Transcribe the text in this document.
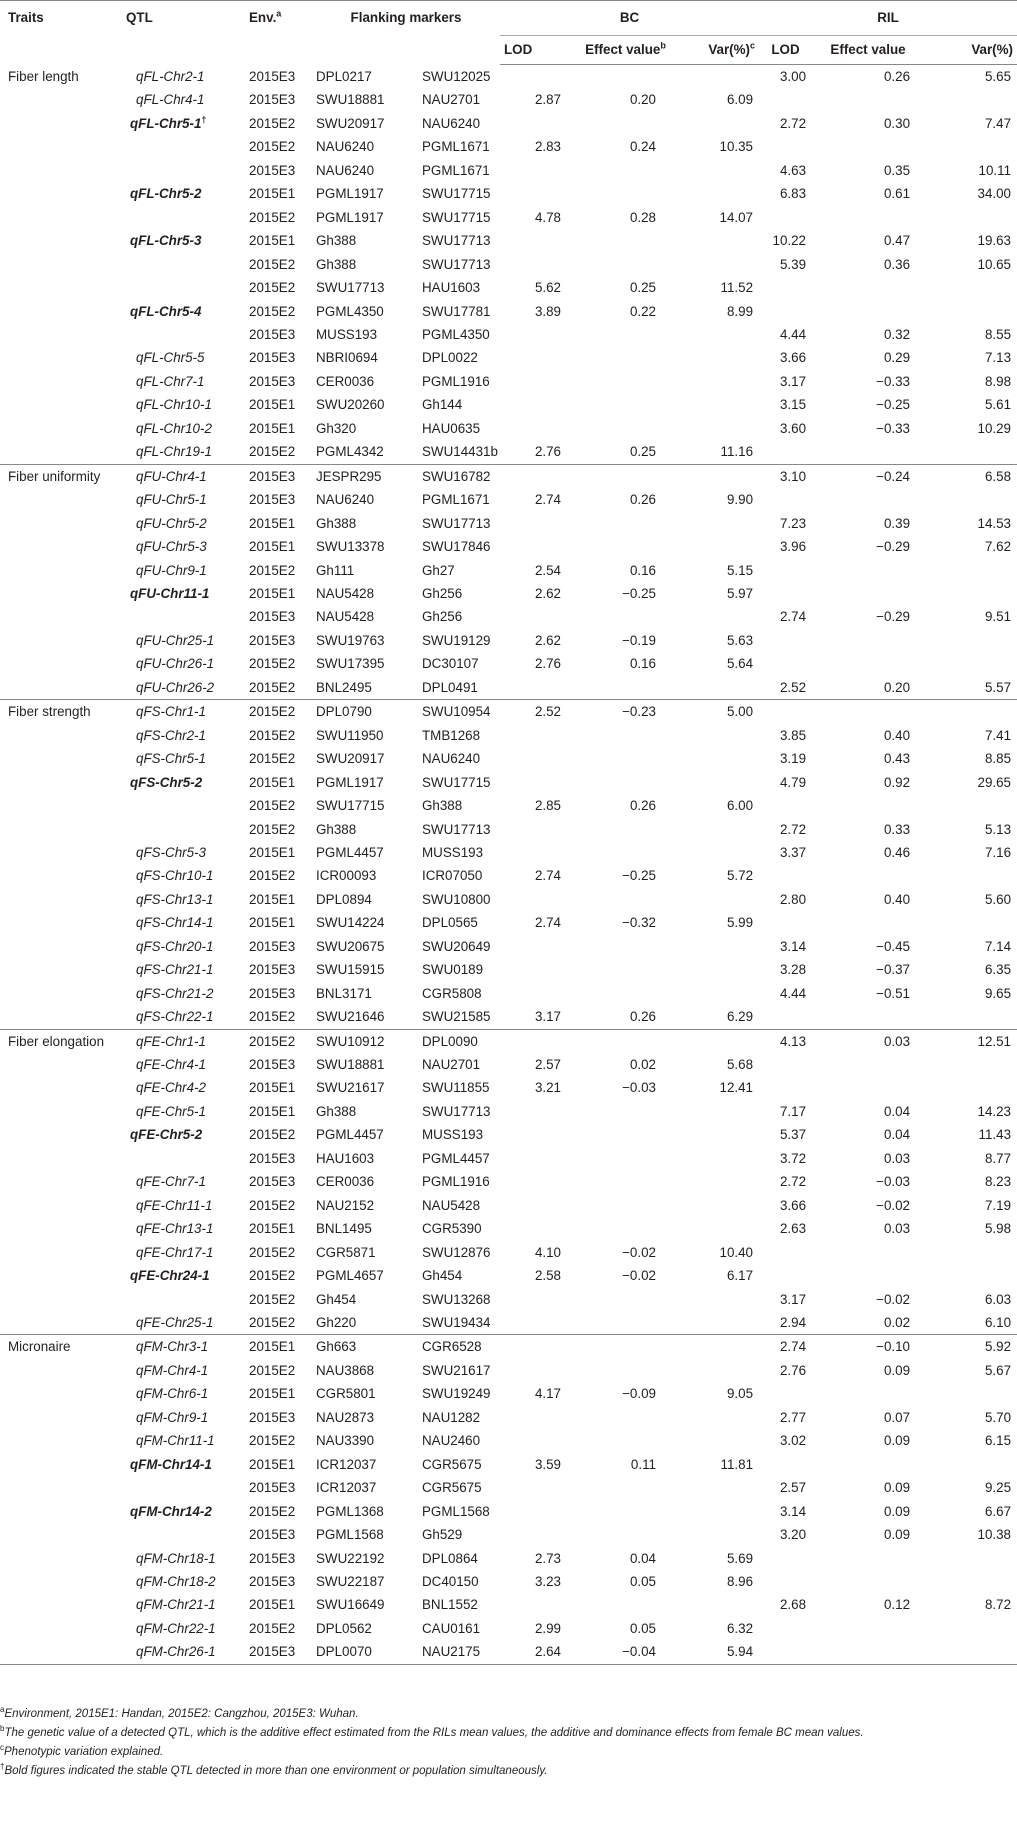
Traits	QTL	Env.$^a$	Flanking markers		BC			RIL		
					LOD	Effect value$^b$	Var(%)$^c$	LOD	Effect value	Var(%)
Fiber length	qFL-Chr2-1	2015E3	DPL0217	SWU12025				3.00	0.26	5.65
	qFL-Chr4-1	2015E3	SWU18881	NAU2701	2.87	0.20	6.09			
	qFL-Chr5-1†	2015E2	SWU20917	NAU6240				2.72	0.30	7.47
		2015E2	NAU6240	PGML1671	2.83	0.24	10.35			
		2015E3	NAU6240	PGML1671				4.63	0.35	10.11
	qFL-Chr5-2	2015E1	PGML1917	SWU17715				6.83	0.61	34.00
		2015E2	PGML1917	SWU17715	4.78	0.28	14.07			
	qFL-Chr5-3	2015E1	Gh388	SWU17713				10.22	0.47	19.63
		2015E2	Gh388	SWU17713				5.39	0.36	10.65
		2015E2	SWU17713	HAU1603	5.62	0.25	11.52			
	qFL-Chr5-4	2015E2	PGML4350	SWU17781	3.89	0.22	8.99			
		2015E3	MUSS193	PGML4350				4.44	0.32	8.55
	qFL-Chr5-5	2015E3	NBRI0694	DPL0022				3.66	0.29	7.13
	qFL-Chr7-1	2015E3	CER0036	PGML1916				3.17	−0.33	8.98
	qFL-Chr10-1	2015E1	SWU20260	Gh144				3.15	−0.25	5.61
	qFL-Chr10-2	2015E1	Gh320	HAU0635				3.60	−0.33	10.29
	qFL-Chr19-1	2015E2	PGML4342	SWU14431b	2.76	0.25	11.16			
Fiber uniformity	qFU-Chr4-1	2015E3	JESPR295	SWU16782				3.10	−0.24	6.58
	qFU-Chr5-1	2015E3	NAU6240	PGML1671	2.74	0.26	9.90			
	qFU-Chr5-2	2015E1	Gh388	SWU17713				7.23	0.39	14.53
	qFU-Chr5-3	2015E1	SWU13378	SWU17846				3.96	−0.29	7.62
	qFU-Chr9-1	2015E2	Gh111	Gh27	2.54	0.16	5.15			
	qFU-Chr11-1	2015E1	NAU5428	Gh256	2.62	−0.25	5.97			
		2015E3	NAU5428	Gh256				2.74	−0.29	9.51
	qFU-Chr25-1	2015E3	SWU19763	SWU19129	2.62	−0.19	5.63			
	qFU-Chr26-1	2015E2	SWU17395	DC30107	2.76	0.16	5.64			
	qFU-Chr26-2	2015E2	BNL2495	DPL0491				2.52	0.20	5.57
Fiber strength	qFS-Chr1-1	2015E2	DPL0790	SWU10954	2.52	−0.23	5.00			
	qFS-Chr2-1	2015E2	SWU11950	TMB1268				3.85	0.40	7.41
	qFS-Chr5-1	2015E2	SWU20917	NAU6240				3.19	0.43	8.85
	qFS-Chr5-2	2015E1	PGML1917	SWU17715				4.79	0.92	29.65
		2015E2	SWU17715	Gh388	2.85	0.26	6.00			
		2015E2	Gh388	SWU17713				2.72	0.33	5.13
	qFS-Chr5-3	2015E1	PGML4457	MUSS193				3.37	0.46	7.16
	qFS-Chr10-1	2015E2	ICR00093	ICR07050	2.74	−0.25	5.72			
	qFS-Chr13-1	2015E1	DPL0894	SWU10800				2.80	0.40	5.60
	qFS-Chr14-1	2015E1	SWU14224	DPL0565	2.74	−0.32	5.99			
	qFS-Chr20-1	2015E3	SWU20675	SWU20649				3.14	−0.45	7.14
	qFS-Chr21-1	2015E3	SWU15915	SWU0189				3.28	−0.37	6.35
	qFS-Chr21-2	2015E3	BNL3171	CGR5808				4.44	−0.51	9.65
	qFS-Chr22-1	2015E2	SWU21646	SWU21585	3.17	0.26	6.29			
Fiber elongation	qFE-Chr1-1	2015E2	SWU10912	DPL0090				4.13	0.03	12.51
	qFE-Chr4-1	2015E3	SWU18881	NAU2701	2.57	0.02	5.68			
	qFE-Chr4-2	2015E1	SWU21617	SWU11855	3.21	−0.03	12.41			
	qFE-Chr5-1	2015E1	Gh388	SWU17713				7.17	0.04	14.23
	qFE-Chr5-2	2015E2	PGML4457	MUSS193				5.37	0.04	11.43
		2015E3	HAU1603	PGML4457				3.72	0.03	8.77
	qFE-Chr7-1	2015E3	CER0036	PGML1916				2.72	−0.03	8.23
	qFE-Chr11-1	2015E2	NAU2152	NAU5428				3.66	−0.02	7.19
	qFE-Chr13-1	2015E1	BNL1495	CGR5390				2.63	0.03	5.98
	qFE-Chr17-1	2015E2	CGR5871	SWU12876	4.10	−0.02	10.40			
	qFE-Chr24-1	2015E2	PGML4657	Gh454	2.58	−0.02	6.17			
		2015E2	Gh454	SWU13268				3.17	−0.02	6.03
	qFE-Chr25-1	2015E2	Gh220	SWU19434				2.94	0.02	6.10
Micronaire	qFM-Chr3-1	2015E1	Gh663	CGR6528				2.74	−0.10	5.92
	qFM-Chr4-1	2015E2	NAU3868	SWU21617				2.76	0.09	5.67
	qFM-Chr6-1	2015E1	CGR5801	SWU19249	4.17	−0.09	9.05			
	qFM-Chr9-1	2015E3	NAU2873	NAU1282				2.77	0.07	5.70
	qFM-Chr11-1	2015E2	NAU3390	NAU2460				3.02	0.09	6.15
	qFM-Chr14-1	2015E1	ICR12037	CGR5675	3.59	0.11	11.81			
		2015E3	ICR12037	CGR5675				2.57	0.09	9.25
	qFM-Chr14-2	2015E2	PGML1368	PGML1568				3.14	0.09	6.67
		2015E3	PGML1568	Gh529				3.20	0.09	10.38
	qFM-Chr18-1	2015E3	SWU22192	DPL0864	2.73	0.04	5.69			
	qFM-Chr18-2	2015E3	SWU22187	DC40150	3.23	0.05	8.96			
	qFM-Chr21-1	2015E1	SWU16649	BNL1552				2.68	0.12	8.72
	qFM-Chr22-1	2015E2	DPL0562	CAU0161	2.99	0.05	6.32			
	qFM-Chr26-1	2015E3	DPL0070	NAU2175	2.64	−0.04	5.94			
$^a$Environment, 2015E1: Handan, 2015E2: Cangzhou, 2015E3: Wuhan.
$^b$The genetic value of a detected QTL, which is the additive effect estimated from the RILs mean values, the additive and dominance effects from female BC mean values.
$^c$Phenotypic variation explained.
†Bold figures indicated the stable QTL detected in more than one environment or population simultaneously.
